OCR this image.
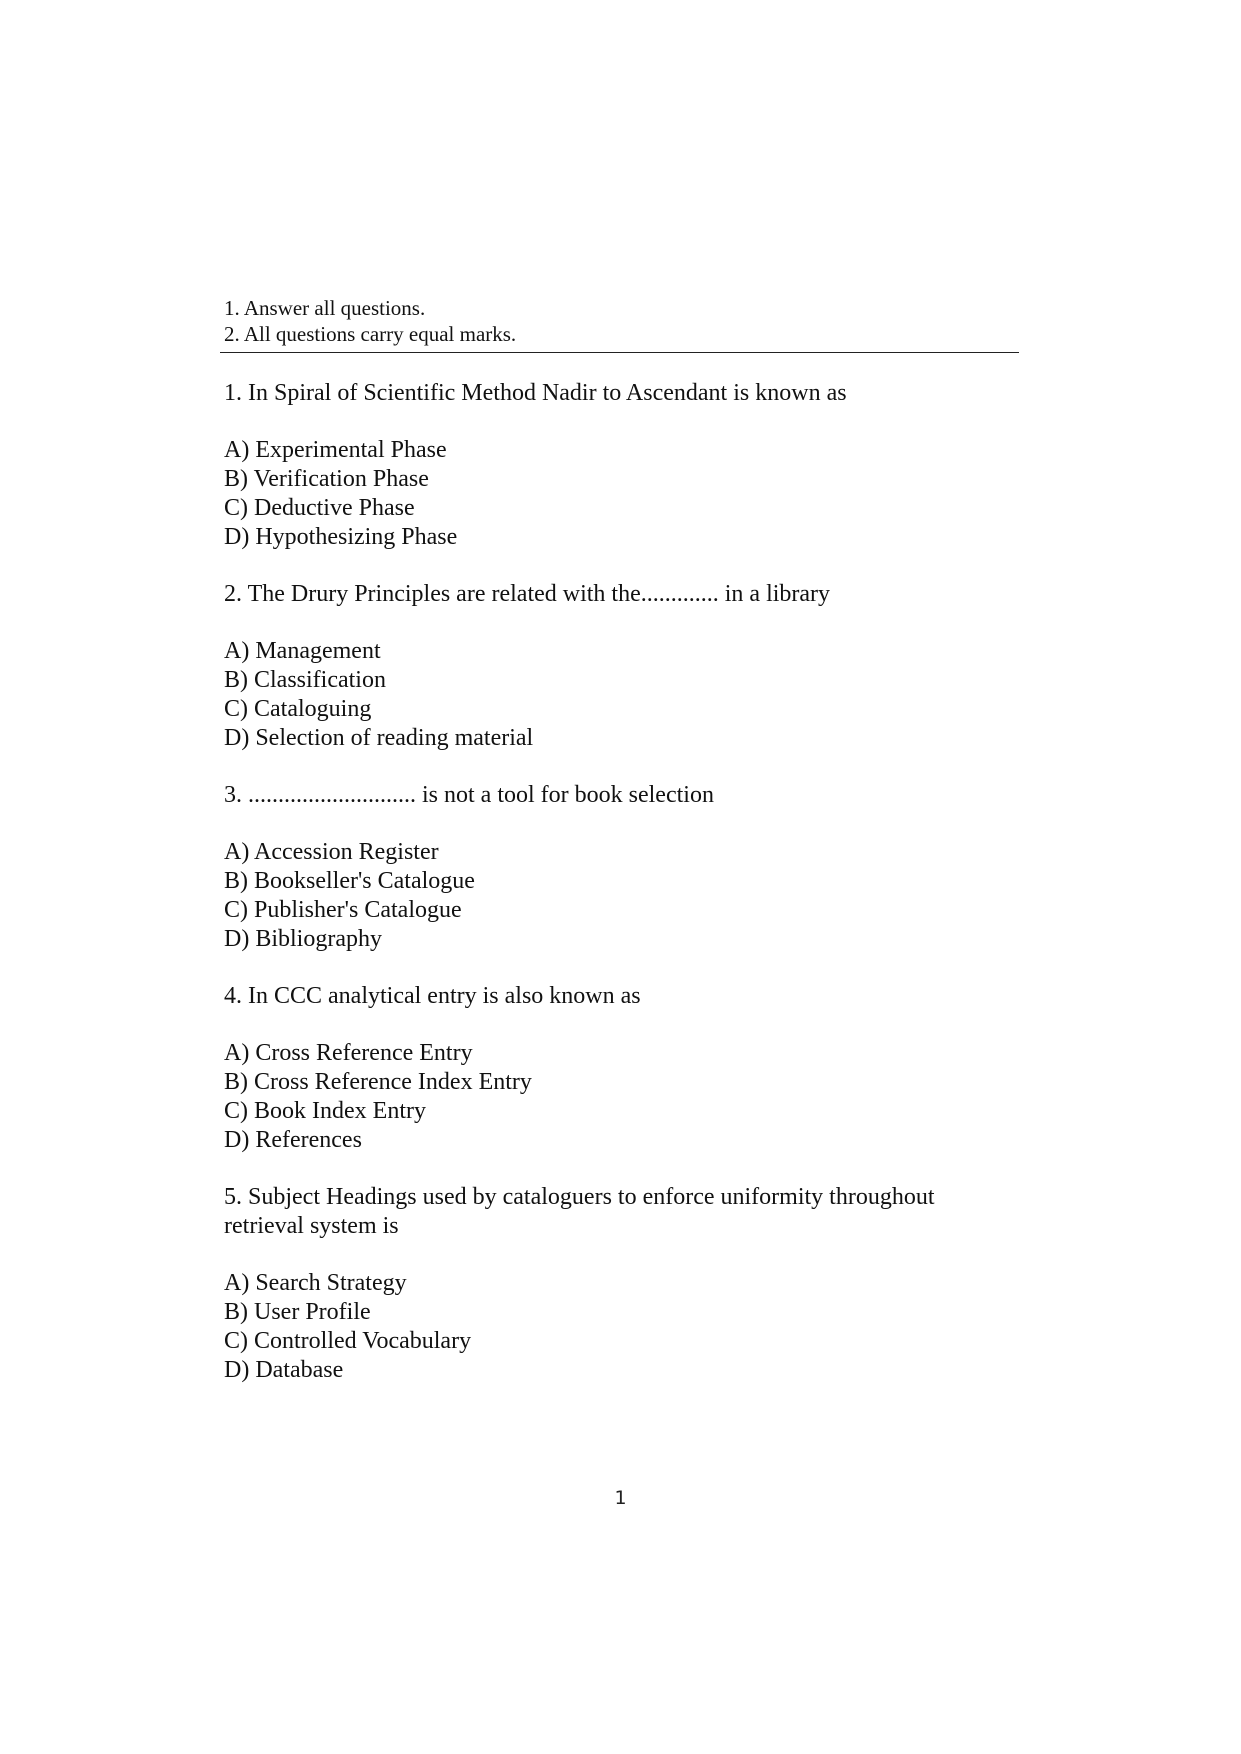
1. Answer all questions.
2. All questions carry equal marks.
1. In Spiral of Scientific Method Nadir to Ascendant is known as
A) Experimental Phase
B) Verification Phase
C) Deductive Phase
D) Hypothesizing Phase
2. The Drury Principles are related with the............. in a library
A) Management
B) Classification
C) Cataloguing
D) Selection of reading material
3. ............................ is not a tool for book selection
A) Accession Register
B) Bookseller's Catalogue
C) Publisher's Catalogue
D) Bibliography
4. In CCC analytical entry is also known as
A) Cross Reference Entry
B) Cross Reference Index Entry
C) Book Index Entry
D) References
5. Subject Headings used by cataloguers to enforce uniformity throughout retrieval system is
A) Search Strategy
B) User Profile
C) Controlled Vocabulary
D) Database
1
